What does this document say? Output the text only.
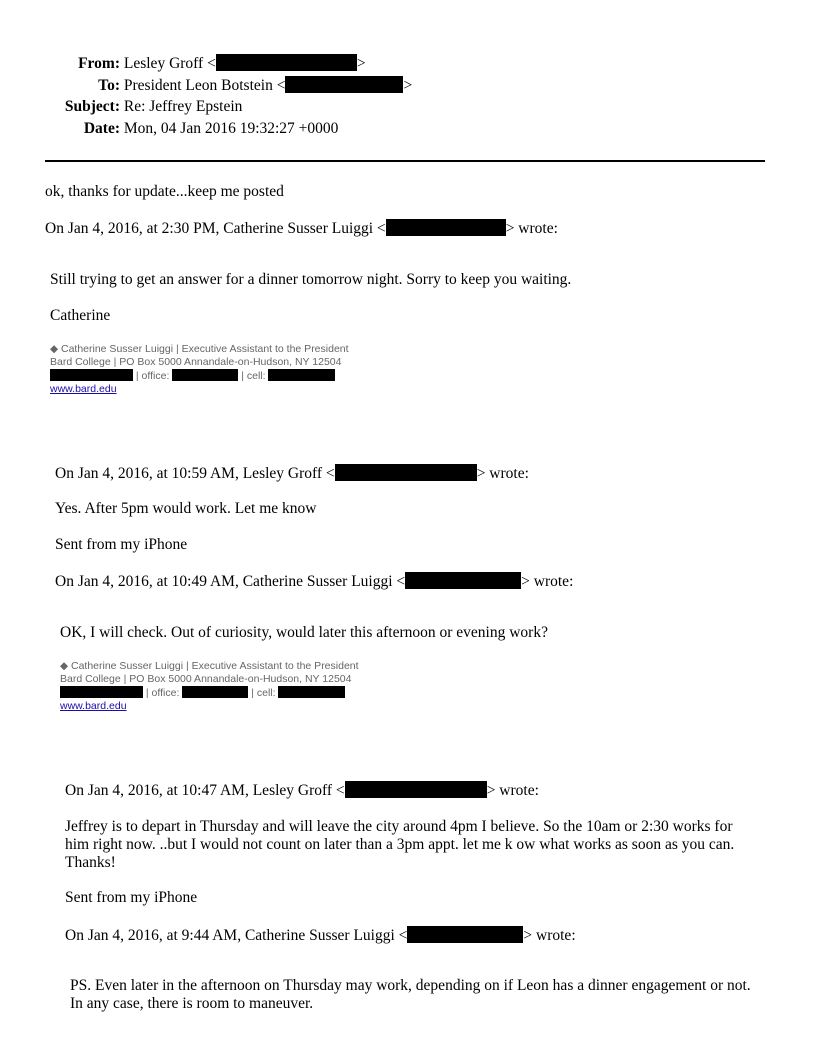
From: Lesley Groff <	>
To: President Leon Botstein <	>
Subject: Re: Jeffrey Epstein
Date: Mon, 04 Jan 2016 19:32:27 +0000
ok, thanks for update...keep me posted
On Jan 4, 2016, at 2:30 PM, Catherine Susser Luiggi <	> wrote:
Still trying to get an answer for a dinner tomorrow night. Sorry to keep you waiting.
Catherine
◆ Catherine Susser Luiggi | Executive Assistant to the President
Bard College | PO Box 5000 Annandale-on-Hudson, NY 12504
| office:	| cell:
www.bard.edu
On Jan 4, 2016, at 10:59 AM, Lesley Groff <	> wrote:
Yes. After 5pm would work. Let me know
Sent from my iPhone
On Jan 4, 2016, at 10:49 AM, Catherine Susser Luiggi <	> wrote:
OK, I will check. Out of curiosity, would later this afternoon or evening work?
◆ Catherine Susser Luiggi | Executive Assistant to the President
Bard College | PO Box 5000 Annandale-on-Hudson, NY 12504
| office:	| cell:
www.bard.edu
On Jan 4, 2016, at 10:47 AM, Lesley Groff <	> wrote:
Jeffrey is to depart in Thursday and will leave the city around 4pm I believe. So the 10am or 2:30 works for him right now. ..but I would not count on later than a 3pm appt. let me k ow what works as soon as you can. Thanks!
Sent from my iPhone
On Jan 4, 2016, at 9:44 AM, Catherine Susser Luiggi <	> wrote:
PS. Even later in the afternoon on Thursday may work, depending on if Leon has a dinner engagement or not. In any case, there is room to maneuver.
